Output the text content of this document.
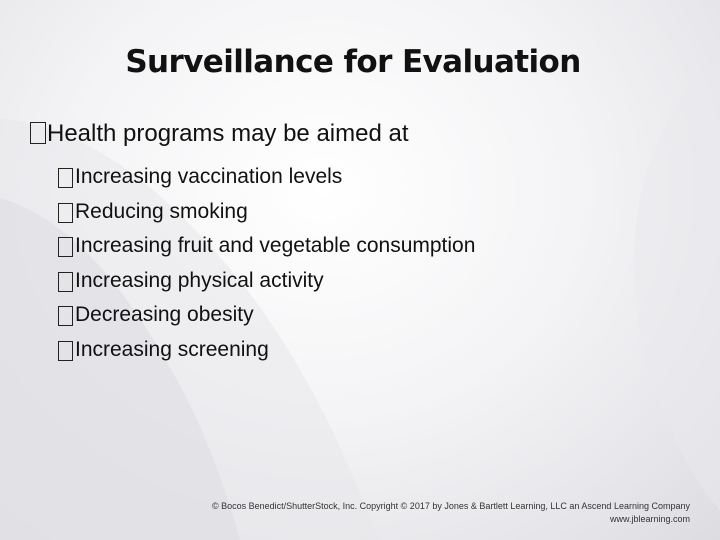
Surveillance for Evaluation
Health programs may be aimed at
Increasing vaccination levels
Reducing smoking
Increasing fruit and vegetable consumption
Increasing physical activity
Decreasing obesity
Increasing screening
© Bocos Benedict/ShutterStock, Inc. Copyright © 2017 by Jones & Bartlett Learning, LLC an Ascend Learning Company
www.jblearning.com
